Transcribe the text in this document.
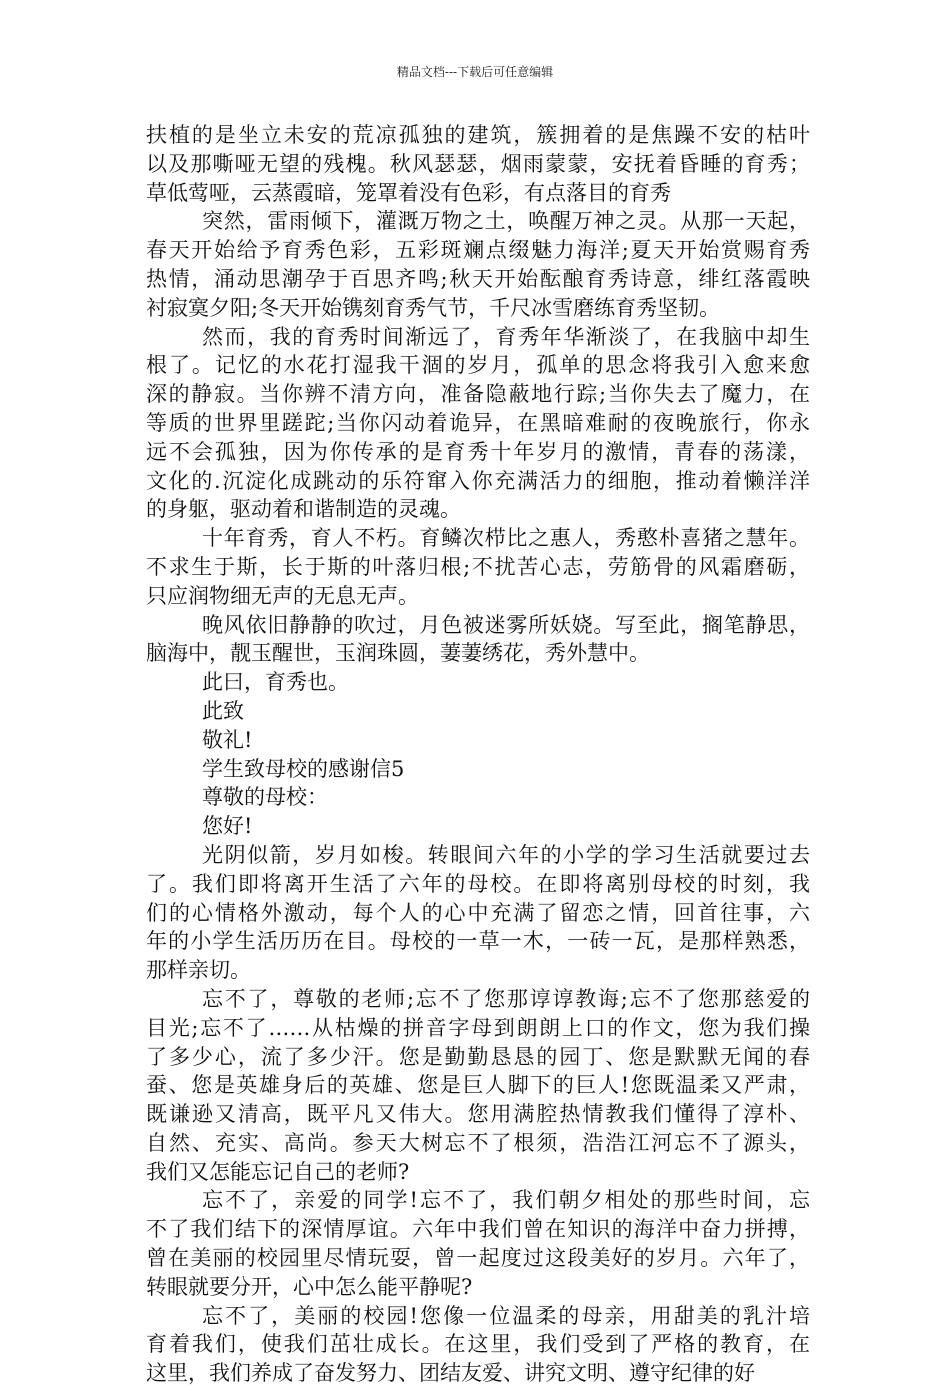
精品文档---下载后可任意编辑
扶植的是坐立未安的荒凉孤独的建筑，簇拥着的是焦躁不安的枯叶
以及那嘶哑无望的残槐。秋风瑟瑟，烟雨蒙蒙，安抚着昏睡的育秀；
草低莺哑，云蒸霞暗，笼罩着没有色彩，有点落目的育秀
突然，雷雨倾下，灌溉万物之土，唤醒万神之灵。从那一天起，
春天开始给予育秀色彩，五彩斑斓点缀魅力海洋;夏天开始赏赐育秀
热情，涌动思潮孕于百思齐鸣;秋天开始酝酿育秀诗意，绯红落霞映
衬寂寞夕阳;冬天开始镌刻育秀气节，千尺冰雪磨练育秀坚韧。
然而，我的育秀时间渐远了，育秀年华渐淡了，在我脑中却生
根了。记忆的水花打湿我干涸的岁月，孤单的思念将我引入愈来愈
深的静寂。当你辨不清方向，准备隐蔽地行踪;当你失去了魔力，在
等质的世界里蹉跎;当你闪动着诡异，在黑暗难耐的夜晚旅行，你永
远不会孤独，因为你传承的是育秀十年岁月的激情，青春的荡漾，
文化的.沉淀化成跳动的乐符窜入你充满活力的细胞，推动着懒洋洋
的身躯，驱动着和谐制造的灵魂。
十年育秀，育人不朽。育鳞次栉比之惠人，秀憨朴喜猪之慧年。
不求生于斯，长于斯的叶落归根;不扰苦心志，劳筋骨的风霜磨砺，
只应润物细无声的无息无声。
晚风依旧静静的吹过，月色被迷雾所妖娆。写至此，搁笔静思，
脑海中，靓玉醒世，玉润珠圆，萋萋绣花，秀外慧中。
此曰，育秀也。
此致
敬礼!
学生致母校的感谢信5
尊敬的母校：
您好!
光阴似箭，岁月如梭。转眼间六年的小学的学习生活就要过去
了。我们即将离开生活了六年的母校。在即将离别母校的时刻，我
们的心情格外激动，每个人的心中充满了留恋之情，回首往事，六
年的小学生活历历在目。母校的一草一木，一砖一瓦，是那样熟悉，
那样亲切。
忘不了，尊敬的老师;忘不了您那谆谆教诲;忘不了您那慈爱的
目光;忘不了……从枯燥的拼音字母到朗朗上口的作文，您为我们操
了多少心，流了多少汗。您是勤勤恳恳的园丁、您是默默无闻的春
蚕、您是英雄身后的英雄、您是巨人脚下的巨人!您既温柔又严肃，
既谦逊又清高，既平凡又伟大。您用满腔热情教我们懂得了淳朴、
自然、充实、高尚。参天大树忘不了根须，浩浩江河忘不了源头，
我们又怎能忘记自己的老师?
忘不了，亲爱的同学!忘不了，我们朝夕相处的那些时间，忘
不了我们结下的深情厚谊。六年中我们曾在知识的海洋中奋力拼搏，
曾在美丽的校园里尽情玩耍，曾一起度过这段美好的岁月。六年了，
转眼就要分开，心中怎么能平静呢?
忘不了，美丽的校园!您像一位温柔的母亲，用甜美的乳汁培
育着我们，使我们茁壮成长。在这里，我们受到了严格的教育，在
这里，我们养成了奋发努力、团结友爱、讲究文明、遵守纪律的好
